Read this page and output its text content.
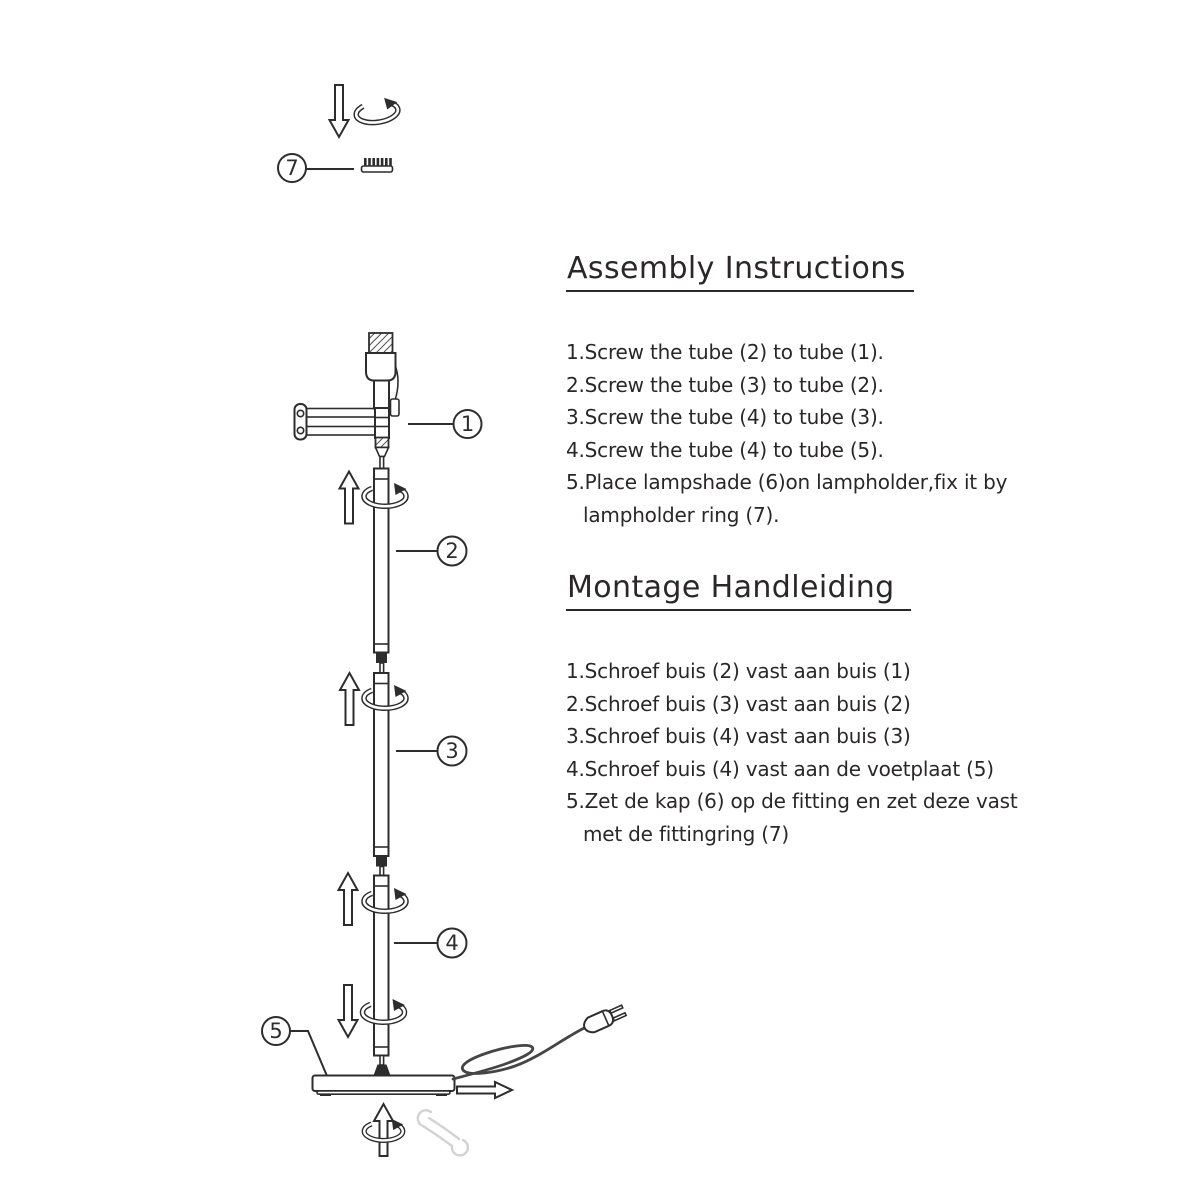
7
1
2
3
4
5
Assembly Instructions
1.Screw the tube (2) to tube (1).
2.Screw the tube (3) to tube (2).
3.Screw the tube (4) to tube (3).
4.Screw the tube (4) to tube (5).
5.Place lampshade (6)on lampholder,fix it by
lampholder ring (7).
Montage Handleiding
1.Schroef buis (2) vast aan buis (1)
2.Schroef buis (3) vast aan buis (2)
3.Schroef buis (4) vast aan buis (3)
4.Schroef buis (4) vast aan de voetplaat (5)
5.Zet de kap (6) op de fitting en zet deze vast
met de fittingring (7)
